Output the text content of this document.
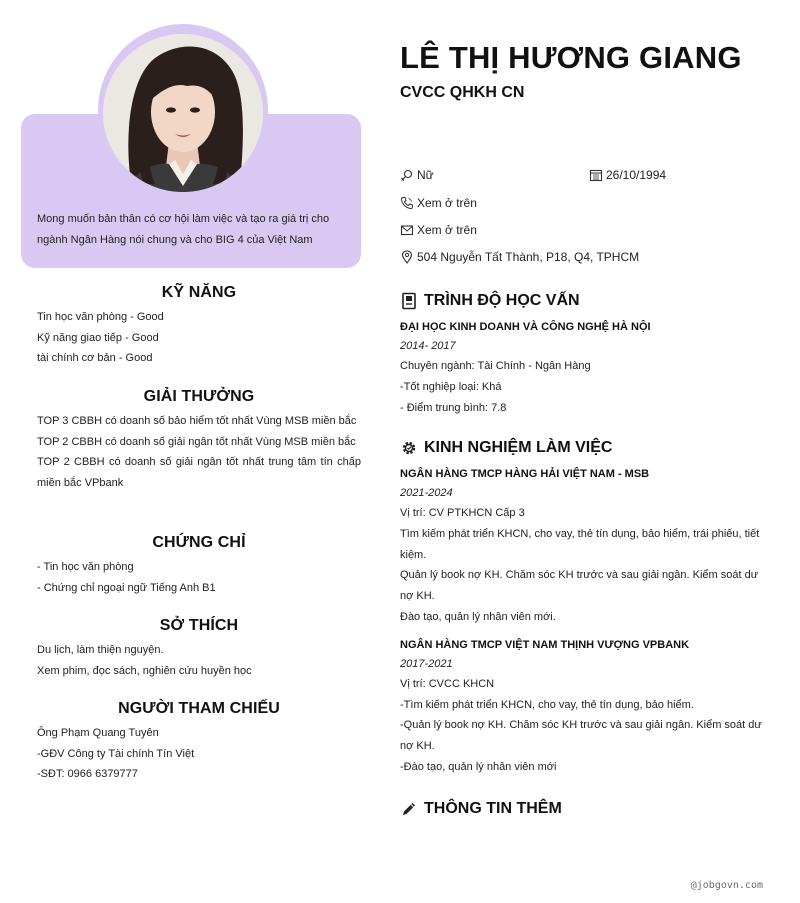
Mong muốn bản thân có cơ hội làm việc và tạo ra giá trị cho ngành Ngân Hàng nói chung và cho BIG 4 của Việt Nam

KỸ NĂNG

Tin học văn phòng - Good

Kỹ năng giao tiếp - Good

tài chính cơ bản - Good

GIẢI THƯỞNG

TOP 3 CBBH có doanh số bảo hiểm tốt nhất Vùng MSB miền bắc

TOP 2 CBBH có doanh số giải ngân tốt nhất Vùng MSB miền bắc

TOP 2 CBBH có doanh số giải ngân tốt nhất trung tâm tín chấp miền bắc VPbank

CHỨNG CHỈ

- Tin học văn phòng

- Chứng chỉ ngoại ngữ Tiếng Anh B1

SỞ THÍCH

Du lịch, làm thiện nguyện.

Xem phim, đọc sách, nghiên cứu huyền học

NGƯỜI THAM CHIẾU

Ông Phạm Quang Tuyên

-GĐV Công ty Tài chính Tín Việt

-SĐT: 0966 6379777

LÊ THỊ HƯƠNG GIANG
CVCC QHKH CN
Nữ	26/10/1994
Xem ở trên
Xem ở trên
504 Nguyễn Tất Thành, P18, Q4, TPHCM
TRÌNH ĐỘ HỌC VẤN
ĐẠI HỌC KINH DOANH VÀ CÔNG NGHỆ HÀ NỘI
2014- 2017
Chuyên ngành: Tài Chính - Ngân Hàng
-Tốt nghiệp loại: Khá
- Điểm trung bình: 7.8
KINH NGHIỆM LÀM VIỆC
NGÂN HÀNG TMCP HÀNG HẢI VIỆT NAM - MSB
2021-2024
Vị trí: CV PTKHCN Cấp 3
Tìm kiếm phát triển KHCN, cho vay, thẻ tín dụng, bảo hiểm, trái phiếu, tiết kiệm.
Quản lý book nợ KH. Chăm sóc KH trước và sau giải ngân. Kiểm soát dư nợ KH.
Đào tạo, quản lý nhân viên mới.
NGÂN HÀNG TMCP VIỆT NAM THỊNH VƯỢNG VPBANK
2017-2021
Vị trí: CVCC KHCN
-Tìm kiếm phát triển KHCN, cho vay, thẻ tín dụng, bảo hiểm.
-Quản lý book nợ KH. Chăm sóc KH trước và sau giải ngân. Kiểm soát dư nợ KH.
-Đào tạo, quản lý nhân viên mới
THÔNG TIN THÊM
@jobgovn.com
